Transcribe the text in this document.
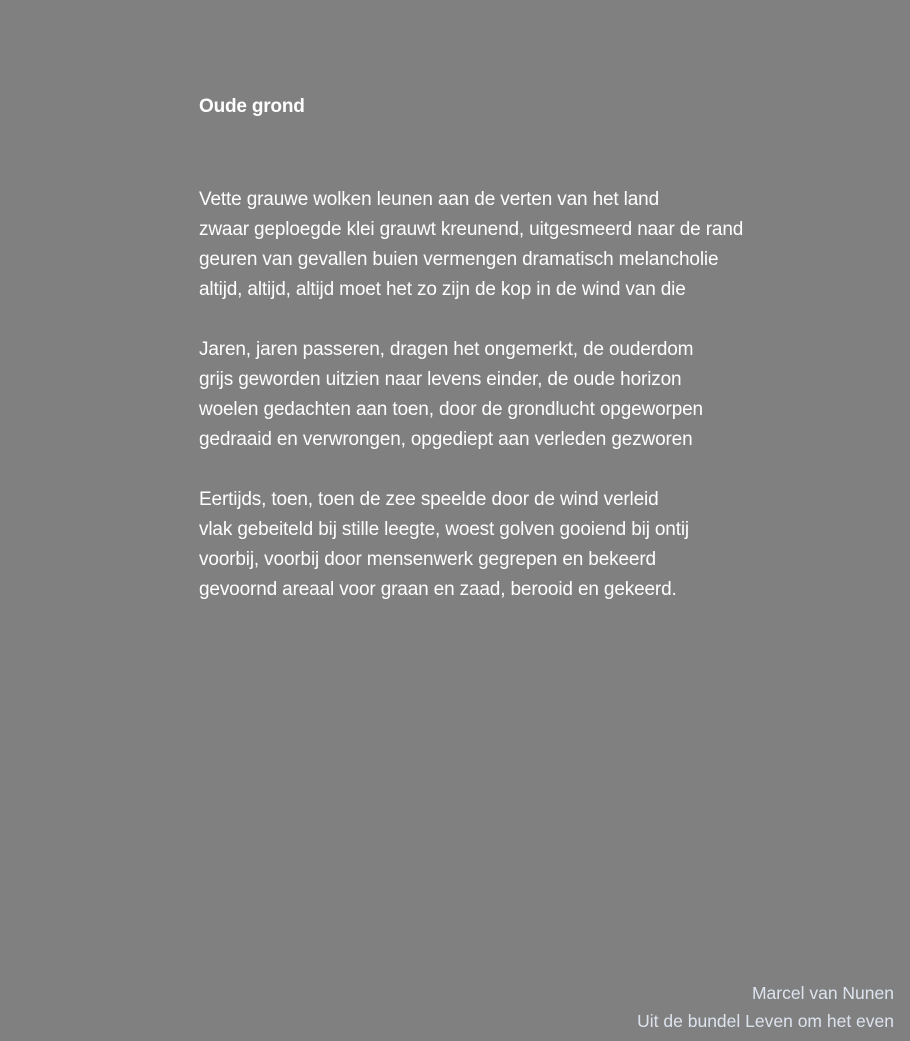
Oude grond
Vette grauwe wolken leunen aan de verten van het land
zwaar geploegde klei grauwt kreunend, uitgesmeerd naar de rand
geuren van gevallen buien vermengen dramatisch melancholie
altijd, altijd, altijd moet het zo zijn de kop in de wind van die
Jaren, jaren passeren, dragen het ongemerkt, de ouderdom
grijs geworden uitzien naar levens einder, de oude horizon
woelen gedachten aan toen, door de grondlucht opgeworpen
gedraaid en verwrongen, opgediept aan verleden gezworen
Eertijds, toen, toen de zee speelde door de wind verleid
vlak gebeiteld bij stille leegte, woest golven gooiend bij ontij
voorbij, voorbij door mensenwerk gegrepen en bekeerd
gevoornd areaal voor graan en zaad, berooid en gekeerd.
Marcel van Nunen
Uit de bundel Leven om het even
